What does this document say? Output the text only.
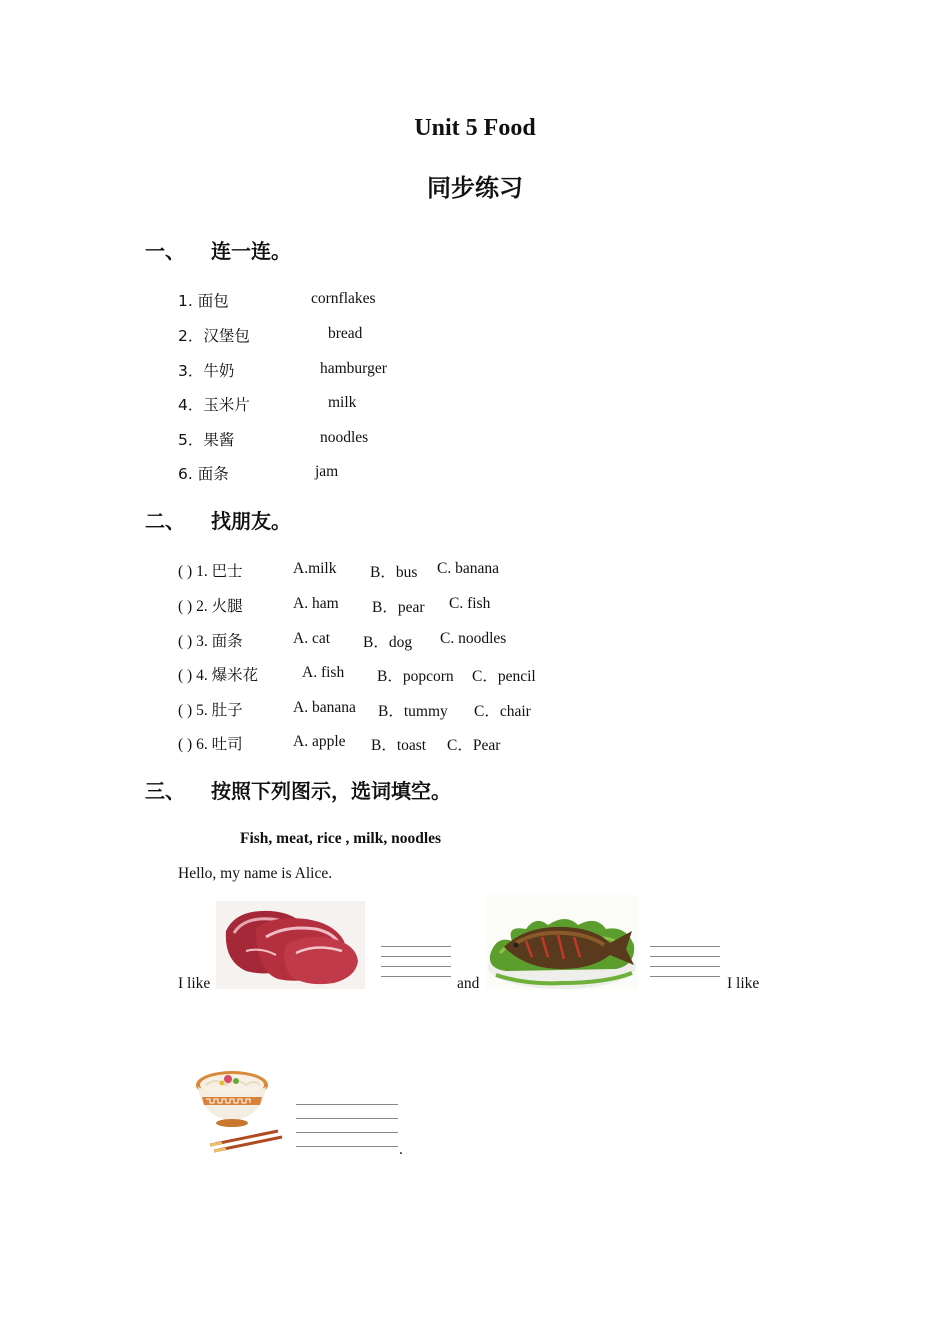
Unit 5 Food
同步练习
一、 连一连。
1. 面包	cornflakes
2．汉堡包	bread
3．牛奶	hamburger
4．玉米片	milk
5．果酱	noodles
6. 面条	jam
二、 找朋友。
( ) 1. 巴士	A.milk B．bus C. banana
( ) 2. 火腿	A. ham B．pear C. fish
( ) 3. 面条	A. cat B．dog C. noodles
( ) 4. 爆米花	A. fish B．popcorn C．pencil
( ) 5. 肚子	A. banana B．tummy C．chair
( ) 6. 吐司	A. apple B．toast C．Pear
三、 按照下列图示，选词填空。
Fish, meat, rice , milk, noodles
Hello, my name is Alice.
I like	and	I like
.
